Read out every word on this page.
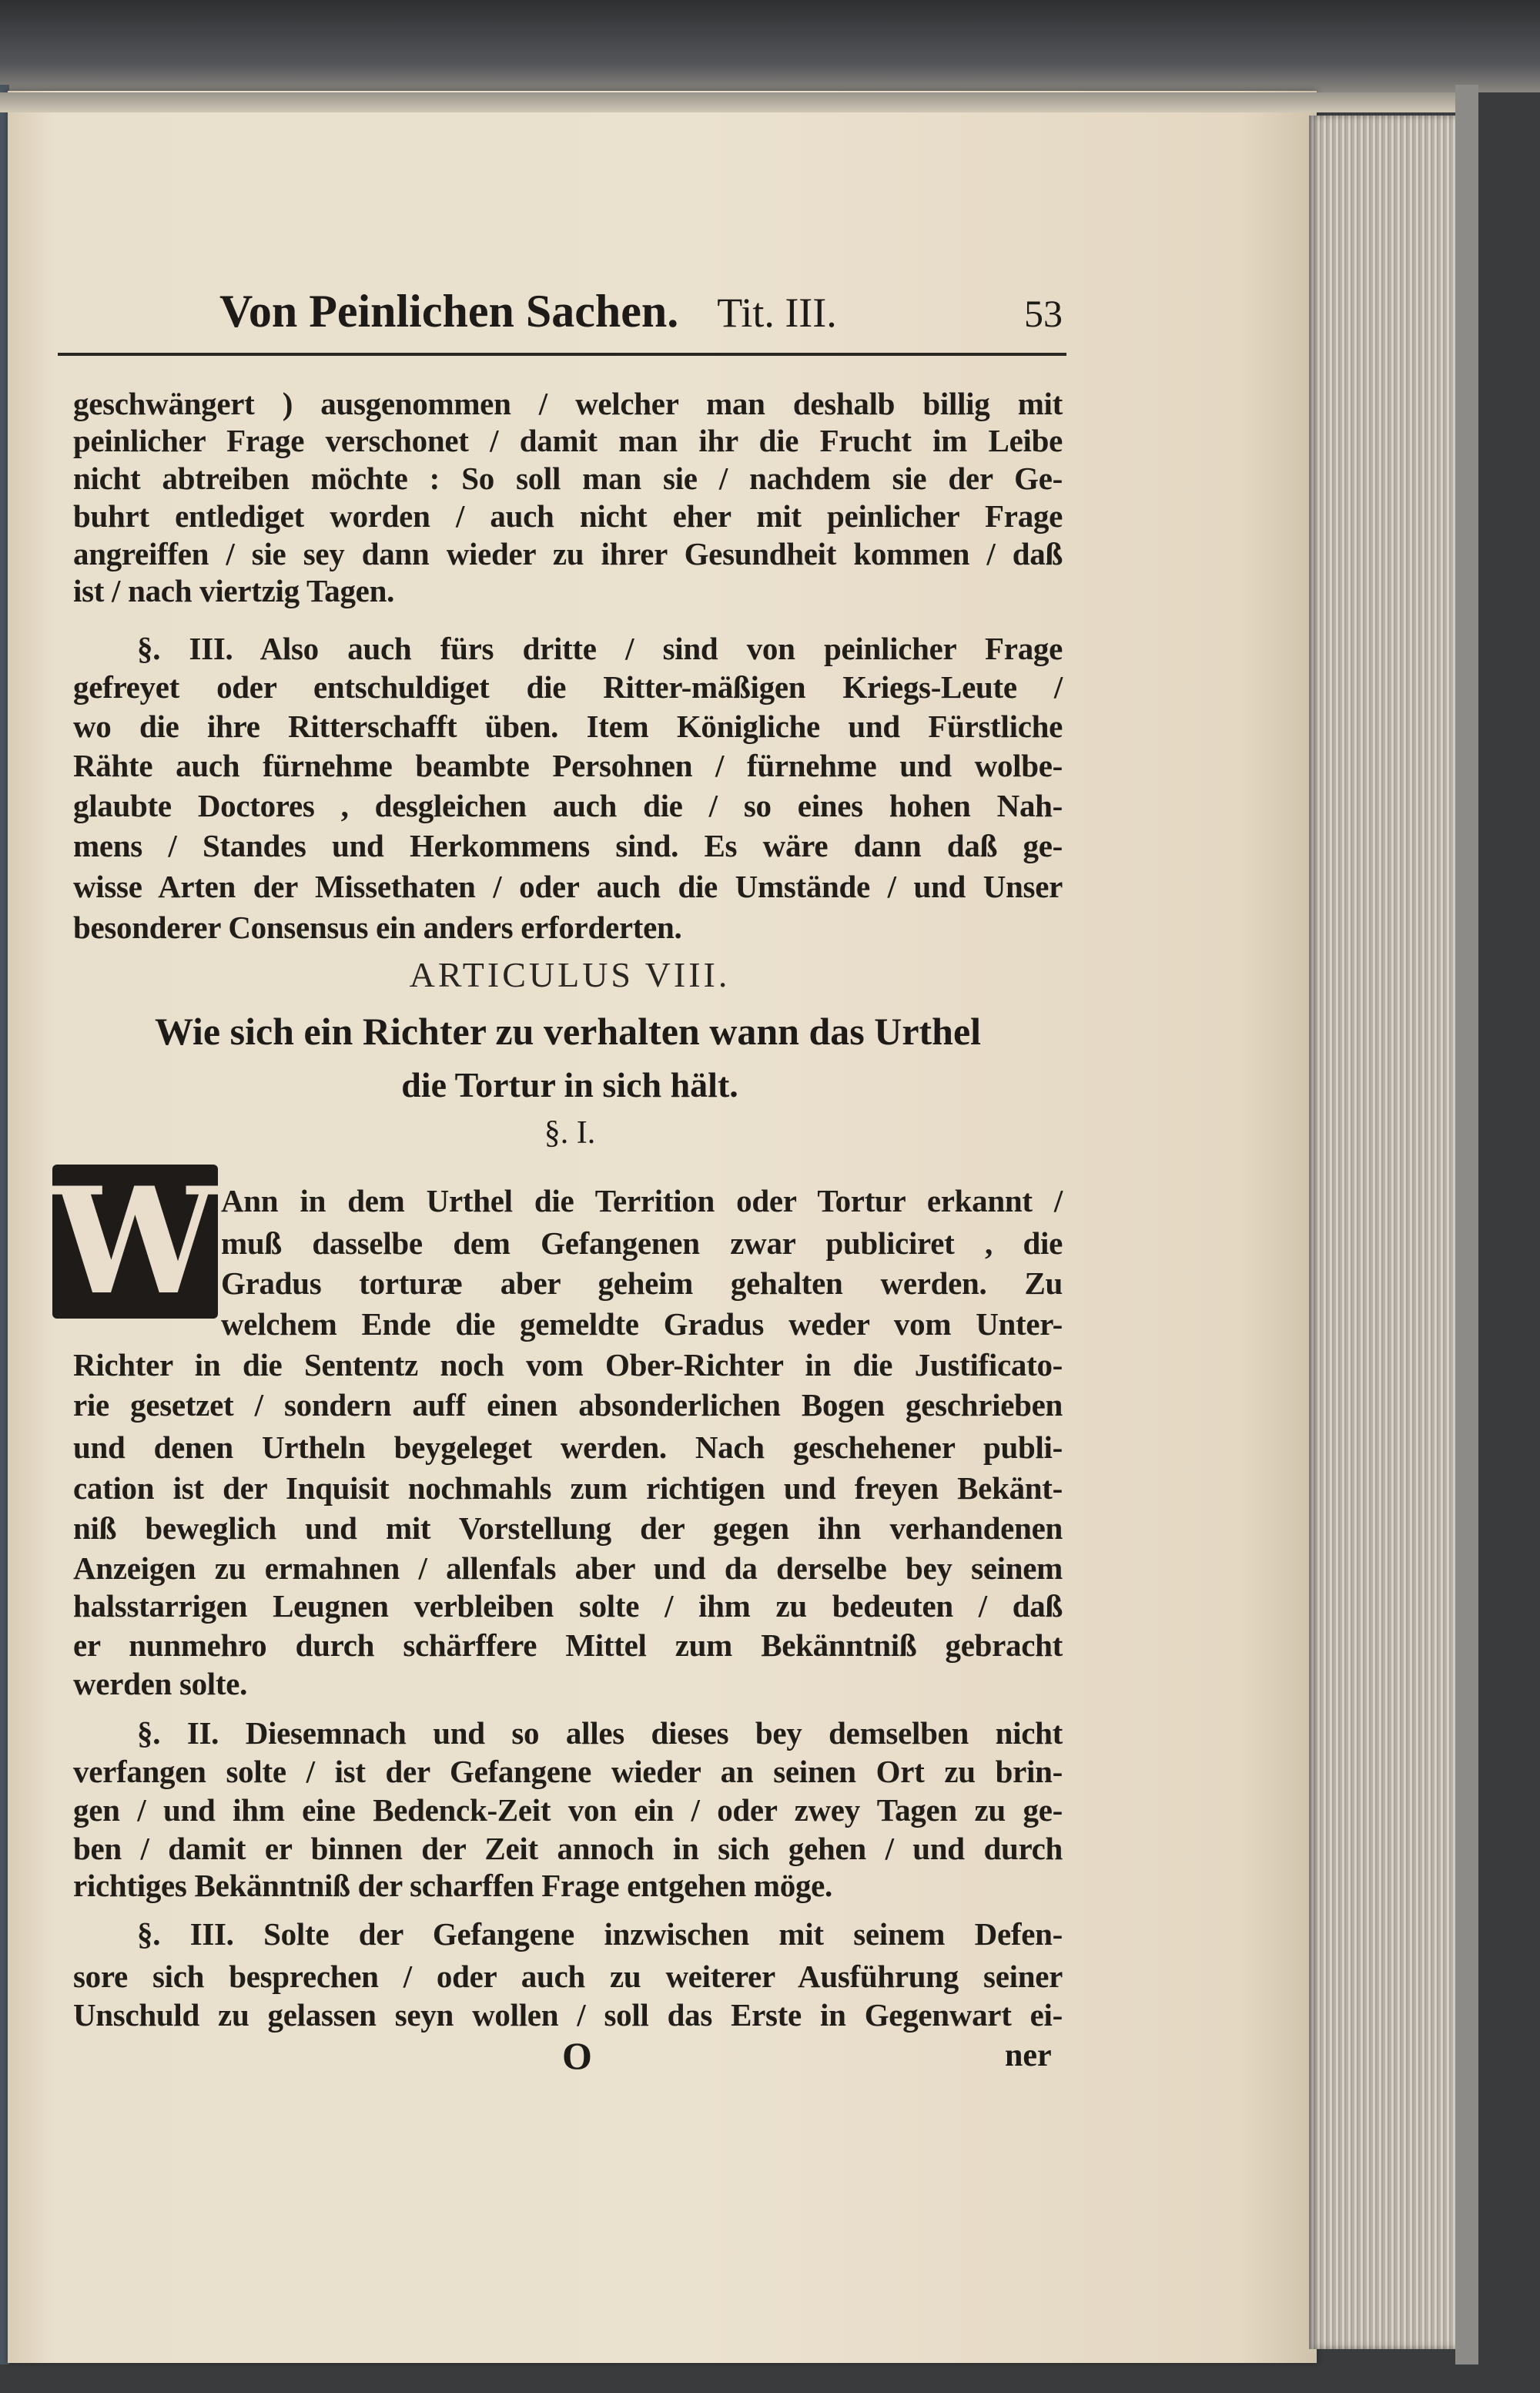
Von Peinlichen Sachen. Tit. III.	53
geschwängert ) ausgenommen / welcher man deshalb billig mit
peinlicher Frage verschonet / damit man ihr die Frucht im Leibe
nicht abtreiben möchte : So soll man sie / nachdem sie der Ge-
buhrt entlediget worden / auch nicht eher mit peinlicher Frage
angreiffen / sie sey dann wieder zu ihrer Gesundheit kommen / daß
ist / nach viertzig Tagen.
§. III. Also auch fürs dritte / sind von peinlicher Frage
gefreyet oder entschuldiget die Ritter-mäßigen Kriegs-Leute /
wo die ihre Ritterschafft üben. Item Königliche und Fürstliche
Rähte auch fürnehme beambte Persohnen / fürnehme und wolbe-
glaubte Doctores , desgleichen auch die / so eines hohen Nah-
mens / Standes und Herkommens sind. Es wäre dann daß ge-
wisse Arten der Missethaten / oder auch die Umstände / und Unser
besonderer Consensus ein anders erforderten.
Ann in dem Urthel die Territion oder Tortur erkannt /
muß dasselbe dem Gefangenen zwar publiciret , die
Gradus torturæ aber geheim gehalten werden. Zu
welchem Ende die gemeldte Gradus weder vom Unter-
Richter in die Sententz noch vom Ober-Richter in die Justificato-
rie gesetzet / sondern auff einen absonderlichen Bogen geschrieben
und denen Urtheln beygeleget werden. Nach geschehener publi-
cation ist der Inquisit nochmahls zum richtigen und freyen Bekänt-
niß beweglich und mit Vorstellung der gegen ihn verhandenen
Anzeigen zu ermahnen / allenfals aber und da derselbe bey seinem
halsstarrigen Leugnen verbleiben solte / ihm zu bedeuten / daß
er nunmehro durch schärffere Mittel zum Bekänntniß gebracht
werden solte.
§. II. Diesemnach und so alles dieses bey demselben nicht
verfangen solte / ist der Gefangene wieder an seinen Ort zu brin-
gen / und ihm eine Bedenck-Zeit von ein / oder zwey Tagen zu ge-
ben / damit er binnen der Zeit annoch in sich gehen / und durch
richtiges Bekänntniß der scharffen Frage entgehen möge.
§. III. Solte der Gefangene inzwischen mit seinem Defen-
sore sich besprechen / oder auch zu weiterer Ausführung seiner
Unschuld zu gelassen seyn wollen / soll das Erste in Gegenwart ei-
ARTICULUS VIII.
Wie sich ein Richter zu verhalten wann das Urthel
die Tortur in sich hält.
§. I.
W
O	ner
